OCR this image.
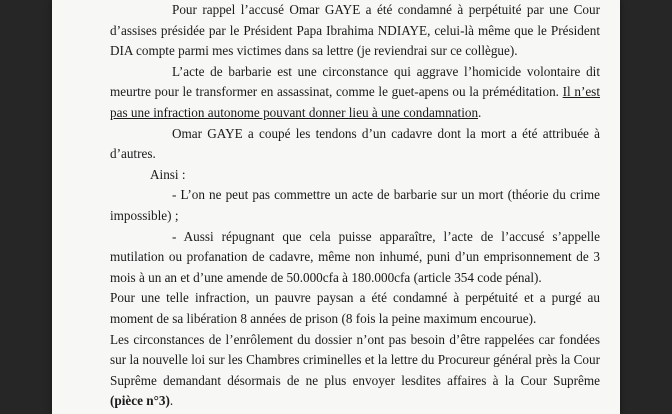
Pour rappel l’accusé Omar GAYE a été condamné à perpétuité par une Cour d’assises présidée par le Président Papa Ibrahima NDIAYE, celui-là même que le Président DIA compte parmi mes victimes dans sa lettre (je reviendrai sur ce collègue).

L’acte de barbarie est une circonstance qui aggrave l’homicide volontaire dit meurtre pour le transformer en assassinat, comme le guet-apens ou la préméditation. Il n’est pas une infraction autonome pouvant donner lieu à une condamnation.

Omar GAYE a coupé les tendons d’un cadavre dont la mort a été attribuée à d’autres.

Ainsi :

- L’on ne peut pas commettre un acte de barbarie sur un mort (théorie du crime impossible) ;

- Aussi répugnant que cela puisse apparaître, l’acte de l’accusé s’appelle mutilation ou profanation de cadavre, même non inhumé, puni d’un emprisonnement de 3 mois à un an et d’une amende de 50.000cfa à 180.000cfa (article 354 code pénal).

Pour une telle infraction, un pauvre paysan a été condamné à perpétuité et a purgé au moment de sa libération 8 années de prison (8 fois la peine maximum encourue).

Les circonstances de l’enrôlement du dossier n’ont pas besoin d’être rappelées car fondées sur la nouvelle loi sur les Chambres criminelles et la lettre du Procureur général près la Cour Suprême demandant désormais de ne plus envoyer lesdites affaires à la Cour Suprême (pièce n°3).
